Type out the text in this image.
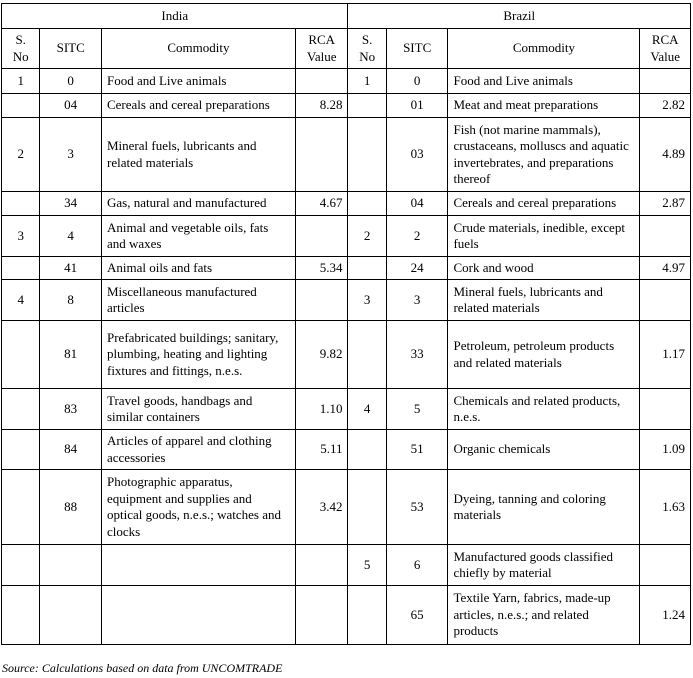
India				Brazil			
S. No	SITC	Commodity	RCA Value	S. No	SITC	Commodity	RCA Value
1	0	Food and Live animals		1	0	Food and Live animals	
	04	Cereals and cereal preparations	8.28		01	Meat and meat preparations	2.82
2	3	Mineral fuels, lubricants and related materials			03	Fish (not marine mammals), crustaceans, molluscs and aquatic invertebrates, and preparations thereof	4.89
	34	Gas, natural and manufactured	4.67		04	Cereals and cereal preparations	2.87
3	4	Animal and vegetable oils, fats and waxes		2	2	Crude materials, inedible, except fuels	
	41	Animal oils and fats	5.34		24	Cork and wood	4.97
4	8	Miscellaneous manufactured articles		3	3	Mineral fuels, lubricants and related materials	
	81	Prefabricated buildings; sanitary, plumbing, heating and lighting fixtures and fittings, n.e.s.	9.82		33	Petroleum, petroleum products and related materials	1.17
	83	Travel goods, handbags and similar containers	1.10	4	5	Chemicals and related products, n.e.s.	
	84	Articles of apparel and clothing accessories	5.11		51	Organic chemicals	1.09
	88	Photographic apparatus, equipment and supplies and optical goods, n.e.s.; watches and clocks	3.42		53	Dyeing, tanning and coloring materials	1.63
				5	6	Manufactured goods classified chiefly by material	
					65	Textile Yarn, fabrics, made-up articles, n.e.s.; and related products	1.24
Source: Calculations based on data from UNCOMTRADE
